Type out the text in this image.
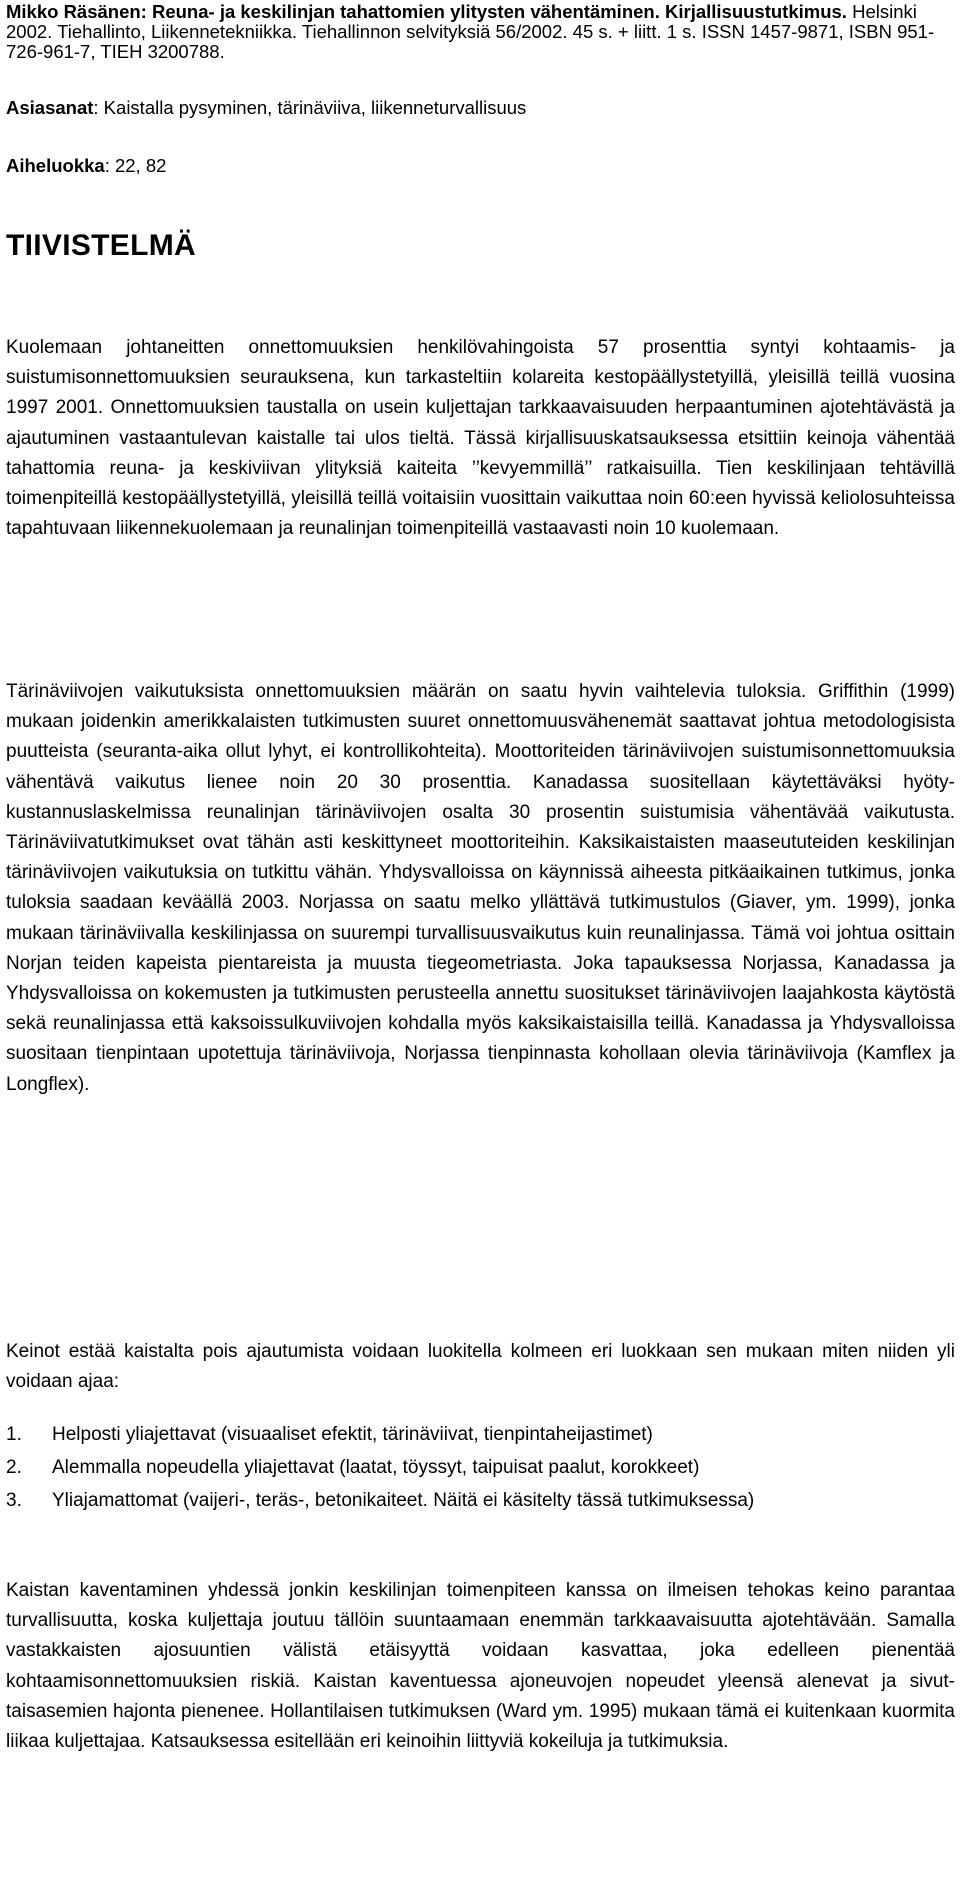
Mikko Räsänen: Reuna- ja keskilinjan tahattomien ylitysten vähentäminen. Kirjallisuustutkimus. Helsinki 2002. Tiehallinto, Liikennetekniikka. Tiehallinnon selvityksiä 56/2002. 45 s. + liitt. 1 s. ISSN 1457-9871, ISBN 951-726-961-7, TIEH 3200788.

Asiasanat: Kaistalla pysyminen, tärinäviiva, liikenneturvallisuus

Aiheluokka: 22, 82

TIIVISTELMÄ

Kuolemaan johtaneitten onnettomuuksien henkilövahingoista 57 prosenttia syntyi kohtaamis- ja suistumisonnettomuuksien seurauksena, kun tarkasteltiin kolareita kestopäällystetyillä, yleisillä teillä vuosina 1997 2001. Onnettomuuksien taustalla on usein kuljettajan tarkkaavaisuuden herpaantuminen ajotehtävästä ja ajautuminen vastaantulevan kaistalle tai ulos tieltä. Tässä kirjallisuuskatsauksessa etsittiin keinoja vähentää tahattomia reuna- ja keskiviivan ylityksiä kaiteita ’’kevyemmillä’’ ratkaisuilla. Tien keskilinjaan tehtävillä toimenpiteillä kestopäällystetyillä, yleisillä teillä voitaisiin vuosittain vaikuttaa noin 60:een hyvissä keliolosuhteissa tapahtuvaan liikennekuolemaan ja reunalinjan toimenpiteillä vastaavasti noin 10 kuolemaan.

Tärinäviivojen vaikutuksista onnettomuuksien määrän on saatu hyvin vaihtelevia tuloksia. Griffithin (1999) mukaan joidenkin amerikkalaisten tutkimusten suuret onnettomuusvähenemät saattavat johtua metodologisista puutteista (seuranta-aika ollut lyhyt, ei kontrollikohteita). Moottoriteiden tärinäviivojen suistumisonnettomuuksia vähentävä vaikutus lienee noin 20 30 prosenttia. Kanadassa suositellaan käytettäväksi hyöty-kustannuslaskelmissa reunalinjan tärinäviivojen osalta 30 prosentin suistumisia vähentävää vaikutusta. Tärinäviivatutkimukset ovat tähän asti keskittyneet moottoriteihin. Kaksikaistaisten maaseututeiden keskilinjan tärinäviivojen vaikutuksia on tutkittu vähän. Yhdysvalloissa on käynnissä aiheesta pitkäaikainen tutkimus, jonka tuloksia saadaan keväällä 2003. Norjassa on saatu melko yllättävä tutkimustulos (Giaver, ym. 1999), jonka mukaan tärinäviivalla keskilinjassa on suurempi turvallisuusvaikutus kuin reunalinjassa. Tämä voi johtua osittain Norjan teiden kapeista pientareista ja muusta tiegeometriasta. Joka tapauksessa Norjassa, Kanadassa ja Yhdysvalloissa on kokemusten ja tutkimusten perusteella annettu suositukset tärinäviivojen laajahkosta käytöstä sekä reunalinjassa että kaksoissulkuviivojen kohdalla myös kaksikaistaisilla teillä. Kanadassa ja Yhdysvalloissa suositaan tienpintaan upotettuja tärinäviivoja, Norjassa tienpinnasta kohollaan olevia tärinäviivoja (Kamflex ja Longflex).

Keinot estää kaistalta pois ajautumista voidaan luokitella kolmeen eri luokkaan sen mukaan miten niiden yli voidaan ajaa:

1. Helposti yliajettavat (visuaaliset efektit, tärinäviivat, tienpintaheijastimet)
2. Alemmalla nopeudella yliajettavat (laatat, töyssyt, taipuisat paalut, korokkeet)
3. Yliajamattomat (vaijeri-, teräs-, betonikaiteet. Näitä ei käsitelty tässä tutkimuksessa)

Kaistan kaventaminen yhdessä jonkin keskilinjan toimenpiteen kanssa on ilmeisen tehokas keino parantaa turvallisuutta, koska kuljettaja joutuu tällöin suuntaamaan enemmän tarkkaavaisuutta ajotehtävään. Samalla vastakkaisten ajosuuntien välistä etäisyyttä voidaan kasvattaa, joka edelleen pienentää kohtaamisonnettomuuksien riskiä. Kaistan kaventuessa ajoneuvojen nopeudet yleensä alenevat ja sivuttaisasemien hajonta pienenee. Hollantilaisen tutkimuksen (Ward ym. 1995) mukaan tämä ei kuitenkaan kuormita liikaa kuljettajaa. Katsauksessa esitellään eri keinoihin liittyviä kokeiluja ja tutkimuksia.
